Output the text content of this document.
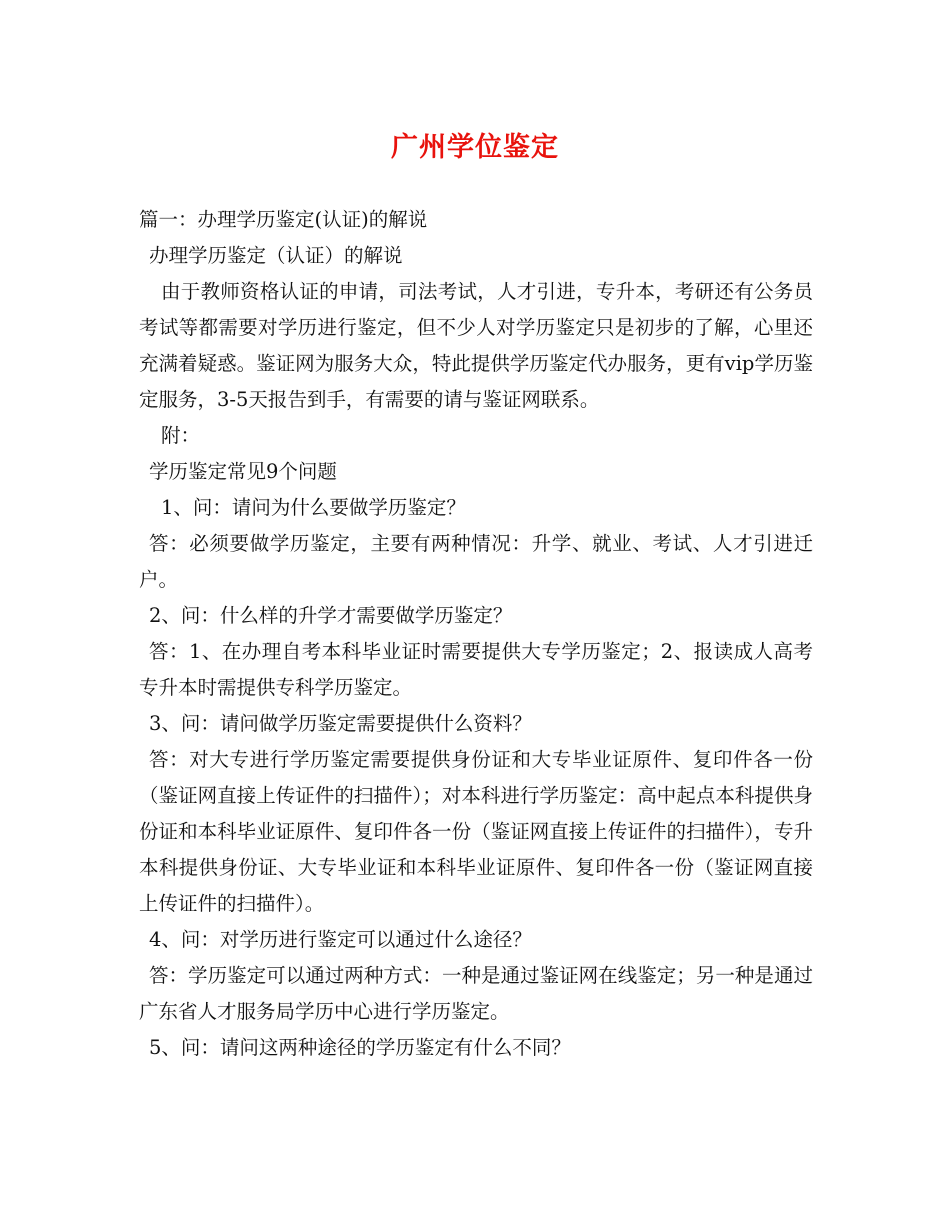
广州学位鉴定

篇一：办理学历鉴定(认证)的解说

办理学历鉴定（认证）的解说

由于教师资格认证的申请，司法考试，人才引进，专升本，考研还有公务员考试等都需要对学历进行鉴定，但不少人对学历鉴定只是初步的了解，心里还充满着疑惑。鉴证网为服务大众，特此提供学历鉴定代办服务，更有vip学历鉴定服务，3-5天报告到手，有需要的请与鉴证网联系。

附：

学历鉴定常见9个问题

1、问：请问为什么要做学历鉴定？

答：必须要做学历鉴定，主要有两种情况：升学、就业、考试、人才引进迁户。

2、问：什么样的升学才需要做学历鉴定？

答：1、在办理自考本科毕业证时需要提供大专学历鉴定；2、报读成人高考专升本时需提供专科学历鉴定。

3、问：请问做学历鉴定需要提供什么资料？

答：对大专进行学历鉴定需要提供身份证和大专毕业证原件、复印件各一份（鉴证网直接上传证件的扫描件）；对本科进行学历鉴定：高中起点本科提供身份证和本科毕业证原件、复印件各一份（鉴证网直接上传证件的扫描件），专升本科提供身份证、大专毕业证和本科毕业证原件、复印件各一份（鉴证网直接上传证件的扫描件）。

4、问：对学历进行鉴定可以通过什么途径？

答：学历鉴定可以通过两种方式：一种是通过鉴证网在线鉴定；另一种是通过广东省人才服务局学历中心进行学历鉴定。

5、问：请问这两种途径的学历鉴定有什么不同？
